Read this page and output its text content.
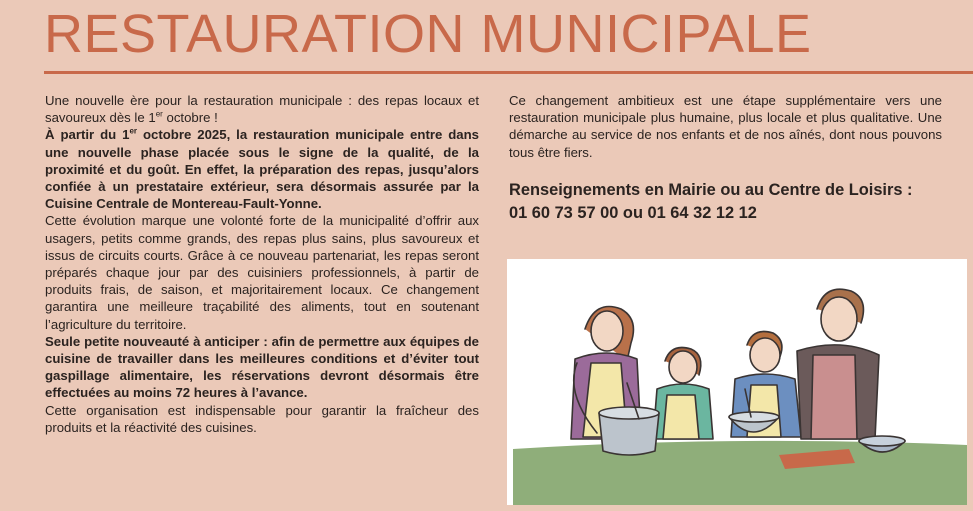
RESTAURATION MUNICIPALE

Une nouvelle ère pour la restauration municipale : des repas locaux et savoureux dès le 1er octobre !

À partir du 1er octobre 2025, la restauration municipale entre dans une nouvelle phase placée sous le signe de la qualité, de la proximité et du goût. En effet, la préparation des repas, jusqu’alors confiée à un prestataire extérieur, sera désormais assurée par la Cuisine Centrale de Montereau-Fault-Yonne.

Cette évolution marque une volonté forte de la municipalité d’offrir aux usagers, petits comme grands, des repas plus sains, plus savoureux et issus de circuits courts. Grâce à ce nouveau partenariat, les repas seront préparés chaque jour par des cuisiniers professionnels, à partir de produits frais, de saison, et majoritairement locaux. Ce changement garantira une meilleure traçabilité des aliments, tout en soutenant l’agriculture du territoire.

Seule petite nouveauté à anticiper : afin de permettre aux équipes de cuisine de travailler dans les meilleures conditions et d’éviter tout gaspillage alimentaire, les réservations devront désormais être effectuées au moins 72 heures à l’avance.

Cette organisation est indispensable pour garantir la fraîcheur des produits et la réactivité des cuisines.

Ce changement ambitieux est une étape supplémentaire vers une restauration municipale plus humaine, plus locale et plus qualitative. Une démarche au service de nos enfants et de nos aînés, dont nous pouvons tous être fiers.

Renseignements en Mairie ou au Centre de Loisirs :
01 60 73 57 00 ou 01 64 32 12 12
